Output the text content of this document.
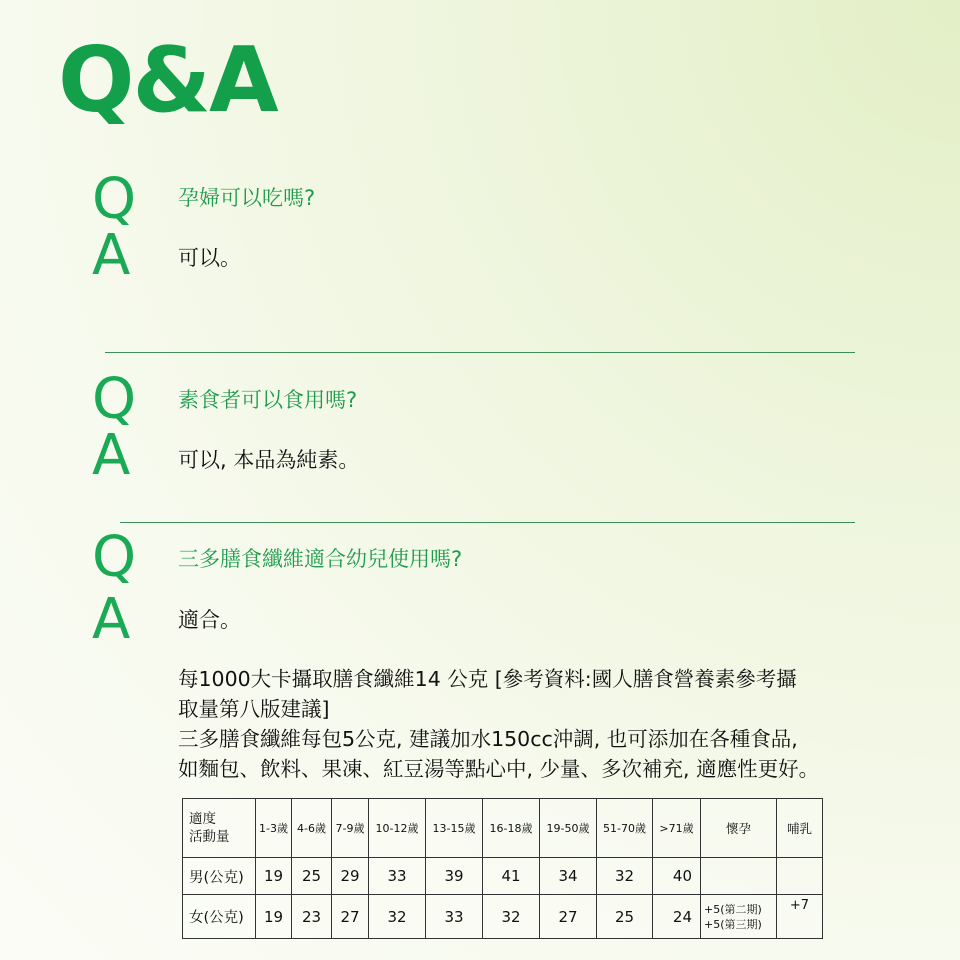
Q&A
Q 孕婦可以吃嗎?
A	可以。
Q 素食者可以食用嗎?
A	可以, 本品為純素。
Q 三多膳食纖維適合幼兒使用嗎?
A	適合。
每1000大卡攝取膳食纖維14 公克 [參考資料:國人膳食營養素參考攝
取量第八版建議]
三多膳食纖維每包5公克, 建議加水150cc沖調, 也可添加在各種食品,
如麵包、飲料、果凍、紅豆湯等點心中, 少量、多次補充, 適應性更好。
適度
活動量	1-3歲	4-6歲	7-9歲	10-12歲	13-15歲	16-18歲	19-50歲	51-70歲	>71歲	懷孕	哺乳
男(公克)	19	25	29	33	39	41	34	32	40		
女(公克)	19	23	27	32	33	32	27	25	24	+5(第二期)
+5(第三期)	+7
